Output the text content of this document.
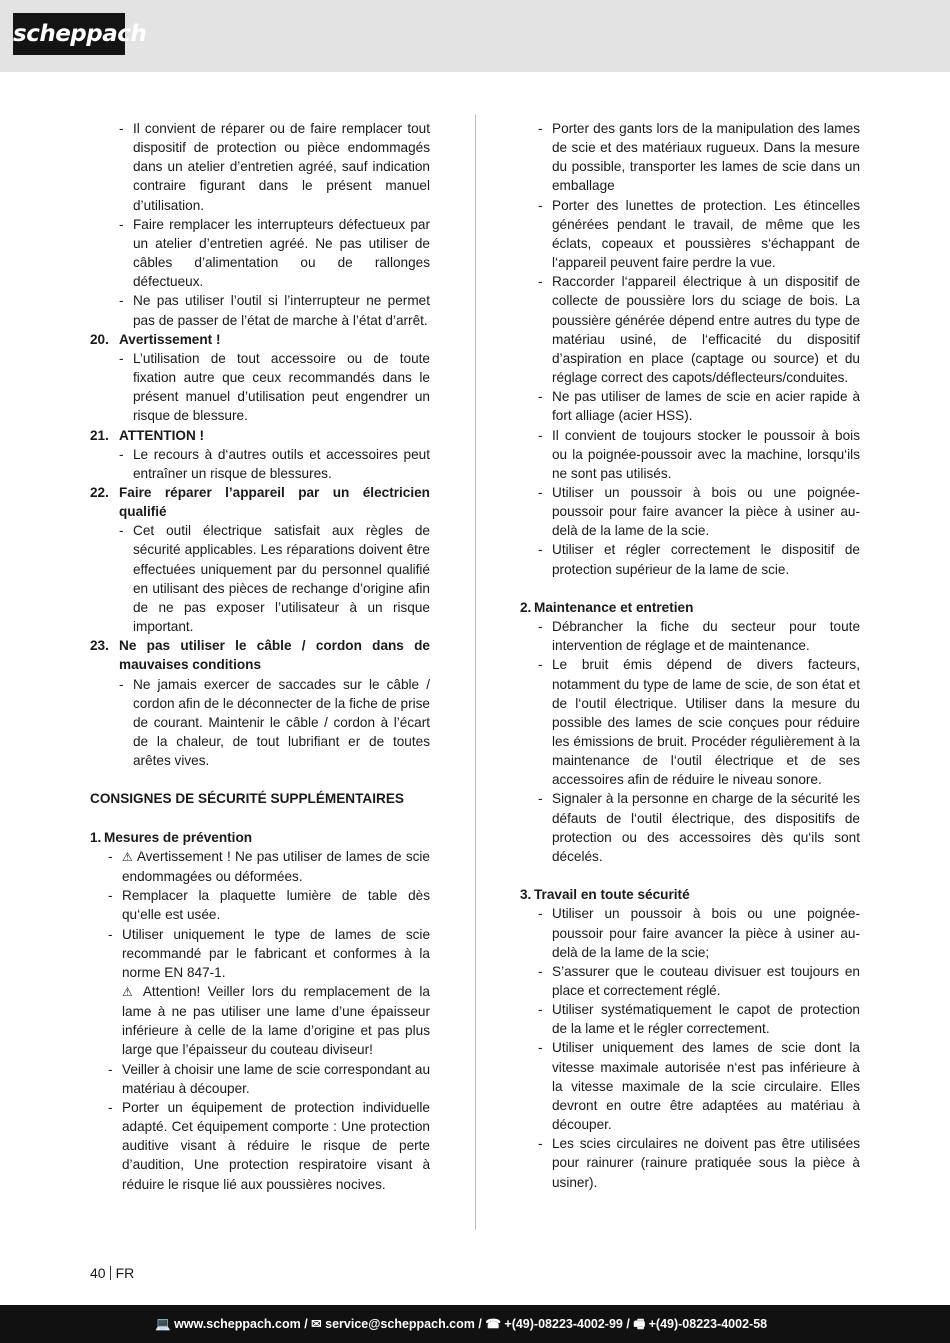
scheppach

- Il convient de réparer ou de faire remplacer tout dispositif de protection ou pièce endommagés dans un atelier d’entretien agréé, sauf indication contraire figurant dans le présent manuel d’utilisation.

- Faire remplacer les interrupteurs défectueux par un atelier d’entretien agréé. Ne pas utiliser de câbles d’alimentation ou de rallonges défectueux.

- Ne pas utiliser l’outil si l’interrupteur ne permet pas de passer de l’état de marche à l’état d’arrêt.

20. Avertissement !

- L’utilisation de tout accessoire ou de toute fixation autre que ceux recommandés dans le présent manuel d’utilisation peut engendrer un risque de blessure.

21. ATTENTION !

- Le recours à d‘autres outils et accessoires peut entraîner un risque de blessures.

22. Faire réparer l’appareil par un électricien qualifié

- Cet outil électrique satisfait aux règles de sécurité applicables. Les réparations doivent être effectuées uniquement par du personnel qualifié en utilisant des pièces de rechange d’origine afin de ne pas exposer l’utilisateur à un risque important.

23. Ne pas utiliser le câble / cordon dans de mauvaises conditions

- Ne jamais exercer de saccades sur le câble / cordon afin de le déconnecter de la fiche de prise de courant. Maintenir le câble / cordon à l’écart de la chaleur, de tout lubrifiant er de toutes arêtes vives.

CONSIGNES DE SÉCURITÉ SUPPLÉMENTAIRES

1. Mesures de prévention

- ⚠ Avertissement ! Ne pas utiliser de lames de scie endommagées ou déformées.

- Remplacer la plaquette lumière de table dès qu‘elle est usée.

- Utiliser uniquement le type de lames de scie recommandé par le fabricant et conformes à la norme EN 847-1.

⚠ Attention! Veiller lors du remplacement de la lame à ne pas utiliser une lame d’une épaisseur inférieure à celle de la lame d’origine et pas plus large que l’épaisseur du couteau diviseur!

- Veiller à choisir une lame de scie correspondant au matériau à découper.

- Porter un équipement de protection individuelle adapté. Cet équipement comporte : Une protection auditive visant à réduire le risque de perte d’audition, Une protection respiratoire visant à réduire le risque lié aux poussières nocives.

- Porter des gants lors de la manipulation des lames de scie et des matériaux rugueux. Dans la mesure du possible, transporter les lames de scie dans un emballage

- Porter des lunettes de protection. Les étincelles générées pendant le travail, de même que les éclats, copeaux et poussières s‘échappant de l‘appareil peuvent faire perdre la vue.

- Raccorder l‘appareil électrique à un dispositif de collecte de poussière lors du sciage de bois. La poussière générée dépend entre autres du type de matériau usiné, de l‘efficacité du dispositif d’aspiration en place (captage ou source) et du réglage correct des capots/déflecteurs/conduites.

- Ne pas utiliser de lames de scie en acier rapide à fort alliage (acier HSS).

- Il convient de toujours stocker le poussoir à bois ou la poignée-poussoir avec la machine, lorsqu‘ils ne sont pas utilisés.

- Utiliser un poussoir à bois ou une poignée-poussoir pour faire avancer la pièce à usiner au-delà de la lame de la scie.

- Utiliser et régler correctement le dispositif de protection supérieur de la lame de scie.

2. Maintenance et entretien

- Débrancher la fiche du secteur pour toute intervention de réglage et de maintenance.

- Le bruit émis dépend de divers facteurs, notamment du type de lame de scie, de son état et de l‘outil électrique. Utiliser dans la mesure du possible des lames de scie conçues pour réduire les émissions de bruit. Procéder régulièrement à la maintenance de l‘outil électrique et de ses accessoires afin de réduire le niveau sonore.

- Signaler à la personne en charge de la sécurité les défauts de l‘outil électrique, des dispositifs de protection ou des accessoires dès qu‘ils sont décelés.

3. Travail en toute sécurité

- Utiliser un poussoir à bois ou une poignée-poussoir pour faire avancer la pièce à usiner au-delà de la lame de la scie;

- S’assurer que le couteau divisuer est toujours en place et correctement réglé.

- Utiliser systématiquement le capot de protection de la lame et le régler correctement.

- Utiliser uniquement des lames de scie dont la vitesse maximale autorisée n‘est pas inférieure à la vitesse maximale de la scie circulaire. Elles devront en outre être adaptées au matériau à découper.

- Les scies circulaires ne doivent pas être utilisées pour rainurer (rainure pratiquée sous la pièce à usiner).

40 FR
💻 www.scheppach.com / ✉ service@scheppach.com / ☎ +(49)-08223-4002-99 / 🖷 +(49)-08223-4002-58
